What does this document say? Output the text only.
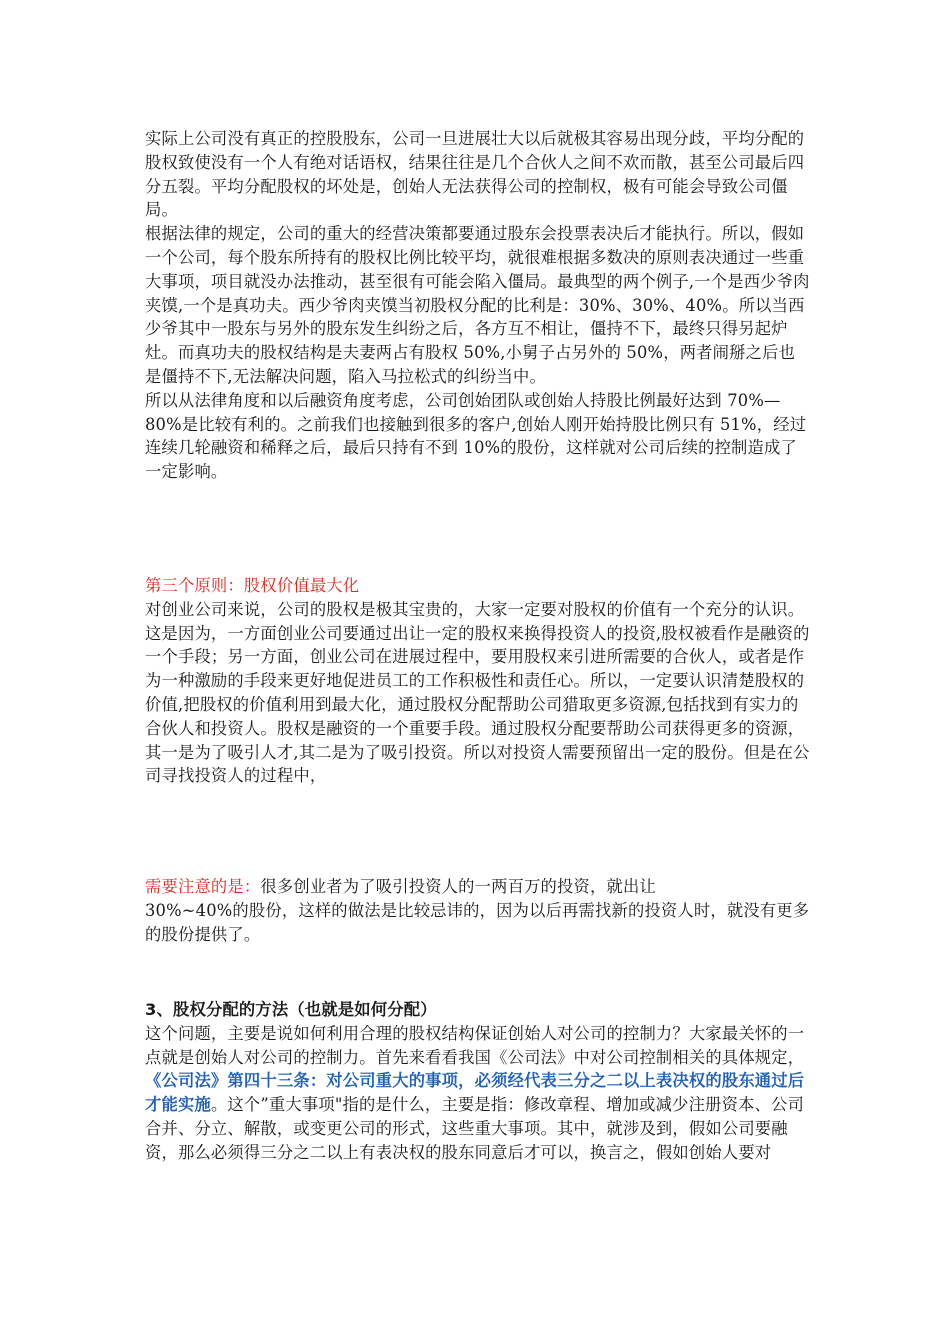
实际上公司没有真正的控股股东，公司一旦进展壮大以后就极其容易出现分歧，平均分配的股权致使没有一个人有绝对话语权，结果往往是几个合伙人之间不欢而散，甚至公司最后四分五裂。平均分配股权的坏处是，创始人无法获得公司的控制权，极有可能会导致公司僵局。

根据法律的规定，公司的重大的经营决策都要通过股东会投票表决后才能执行。所以，假如一个公司，每个股东所持有的股权比例比较平均，就很难根据多数决的原则表决通过一些重大事项，项目就没办法推动，甚至很有可能会陷入僵局。最典型的两个例子,一个是西少爷肉夹馍,一个是真功夫。西少爷肉夹馍当初股权分配的比利是：30%、30%、40%。所以当西少爷其中一股东与另外的股东发生纠纷之后，各方互不相让，僵持不下，最终只得另起炉灶。而真功夫的股权结构是夫妻两占有股权 50%,小舅子占另外的 50%，两者闹掰之后也是僵持不下,无法解决问题，陷入马拉松式的纠纷当中。

所以从法律角度和以后融资角度考虑，公司创始团队或创始人持股比例最好达到 70%—80%是比较有利的。之前我们也接触到很多的客户,创始人刚开始持股比例只有 51%，经过连续几轮融资和稀释之后，最后只持有不到 10%的股份，这样就对公司后续的控制造成了一定影响。

第三个原则：股权价值最大化

对创业公司来说，公司的股权是极其宝贵的，大家一定要对股权的价值有一个充分的认识。这是因为，一方面创业公司要通过出让一定的股权来换得投资人的投资,股权被看作是融资的一个手段；另一方面，创业公司在进展过程中，要用股权来引进所需要的合伙人，或者是作为一种激励的手段来更好地促进员工的工作积极性和责任心。所以，一定要认识清楚股权的价值,把股权的价值利用到最大化，通过股权分配帮助公司猎取更多资源,包括找到有实力的合伙人和投资人。股权是融资的一个重要手段。通过股权分配要帮助公司获得更多的资源，其一是为了吸引人才,其二是为了吸引投资。所以对投资人需要预留出一定的股份。但是在公司寻找投资人的过程中，

需要注意的是：很多创业者为了吸引投资人的一两百万的投资，就出让
30%~40%的股份，这样的做法是比较忌讳的，因为以后再需找新的投资人时，就没有更多的股份提供了。

3、股权分配的方法（也就是如何分配）

这个问题，主要是说如何利用合理的股权结构保证创始人对公司的控制力？大家最关怀的一点就是创始人对公司的控制力。首先来看看我国《公司法》中对公司控制相关的具体规定，《公司法》第四十三条：对公司重大的事项，必须经代表三分之二以上表决权的股东通过后才能实施。这个”重大事项"指的是什么，主要是指：修改章程、增加或减少注册资本、公司合并、分立、解散，或变更公司的形式，这些重大事项。其中，就涉及到，假如公司要融资，那么必须得三分之二以上有表决权的股东同意后才可以，换言之，假如创始人要对
